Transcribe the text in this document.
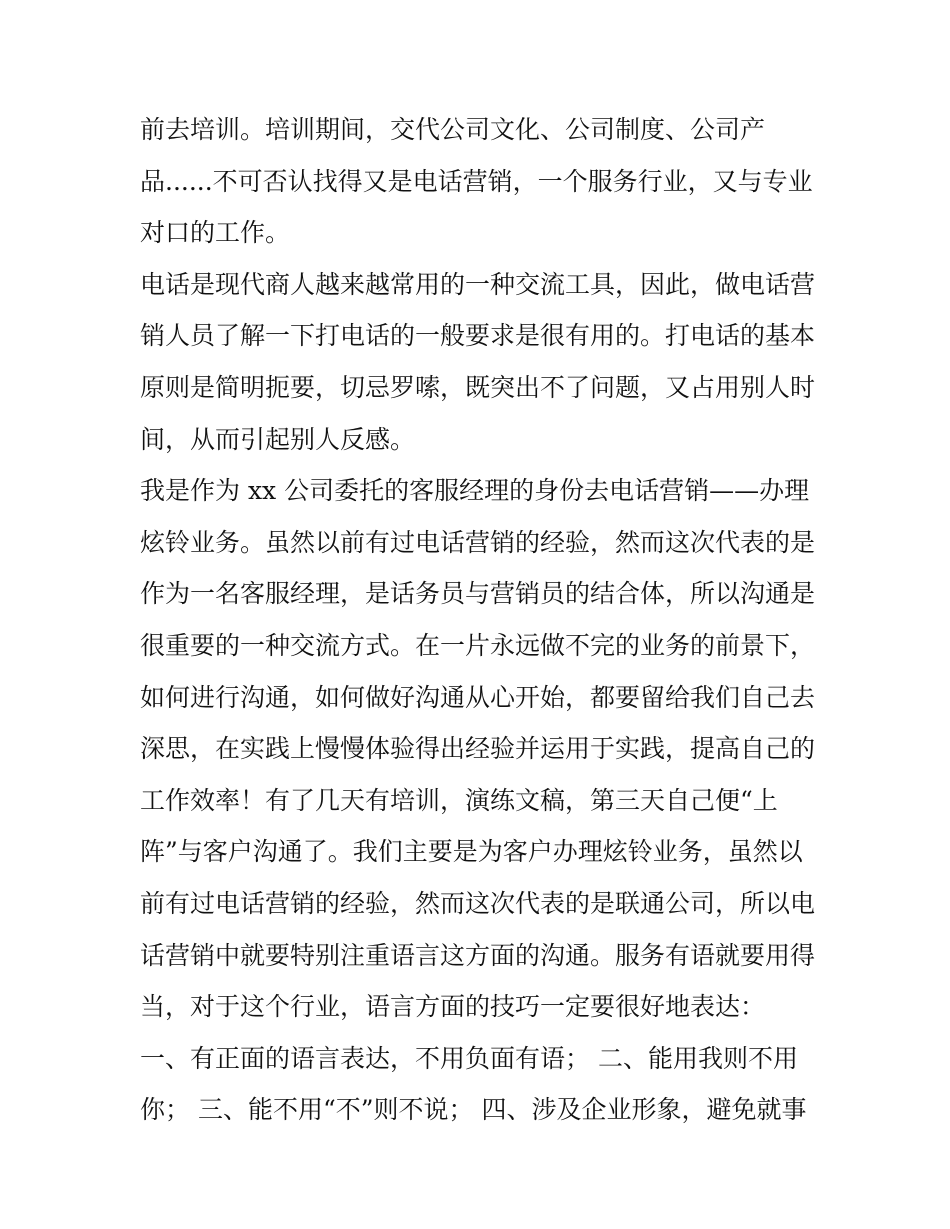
前去培训。培训期间，交代公司文化、公司制度、公司产
品......不可否认找得又是电话营销，一个服务行业，又与专业
对口的工作。
电话是现代商人越来越常用的一种交流工具，因此，做电话营
销人员了解一下打电话的一般要求是很有用的。打电话的基本
原则是简明扼要，切忌罗嗦，既突出不了问题，又占用别人时
间，从而引起别人反感。
我是作为 xx 公司委托的客服经理的身份去电话营销——办理
炫铃业务。虽然以前有过电话营销的经验，然而这次代表的是
作为一名客服经理，是话务员与营销员的结合体，所以沟通是
很重要的一种交流方式。在一片永远做不完的业务的前景下，
如何进行沟通，如何做好沟通从心开始，都要留给我们自己去
深思，在实践上慢慢体验得出经验并运用于实践，提高自己的
工作效率！有了几天有培训，演练文稿，第三天自己便“上
阵”与客户沟通了。我们主要是为客户办理炫铃业务，虽然以
前有过电话营销的经验，然而这次代表的是联通公司，所以电
话营销中就要特别注重语言这方面的沟通。服务有语就要用得
当，对于这个行业，语言方面的技巧一定要很好地表达：
一、有正面的语言表达，不用负面有语； 二、能用我则不用
你； 三、能不用“不”则不说； 四、涉及企业形象，避免就事
